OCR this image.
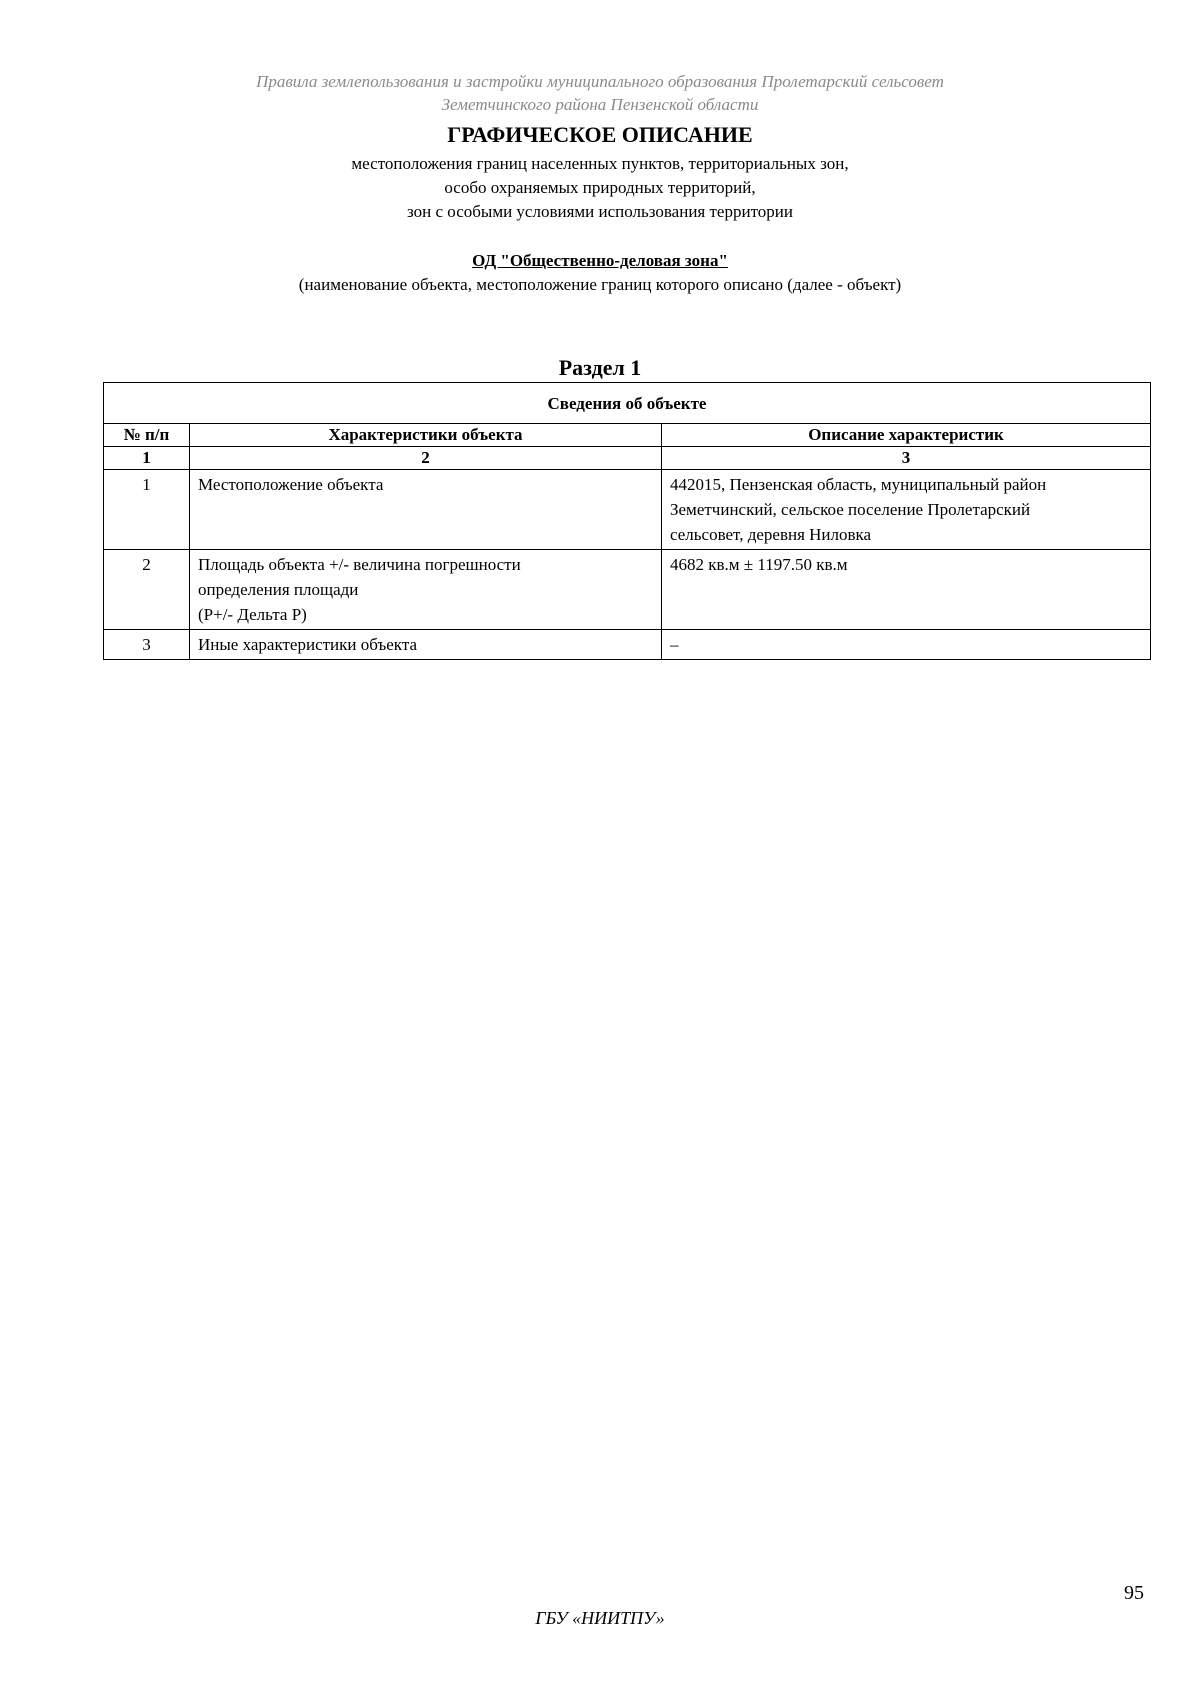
Правила землепользования и застройки муниципального образования Пролетарский сельсовет
Земетчинского района Пензенской области
ГРАФИЧЕСКОЕ ОПИСАНИЕ
местоположения границ населенных пунктов, территориальных зон,
особо охраняемых природных территорий,
зон с особыми условиями использования территории
ОД "Общественно-деловая зона"
(наименование объекта, местоположение границ которого описано (далее - объект)
Раздел 1
Сведения об объекте		
№ п/п	Характеристики объекта	Описание характеристик
1	2	3
1	Местоположение объекта	442015, Пензенская область, муниципальный район
Земетчинский, сельское поселение Пролетарский
сельсовет, деревня Ниловка

2	Площадь объекта +/- величина погрешности
определения площади
(P+/- Дельта P)	4682 кв.м ± 1197.50 кв.м

3	Иные характеристики объекта	–
95
ГБУ «НИИТПУ»
